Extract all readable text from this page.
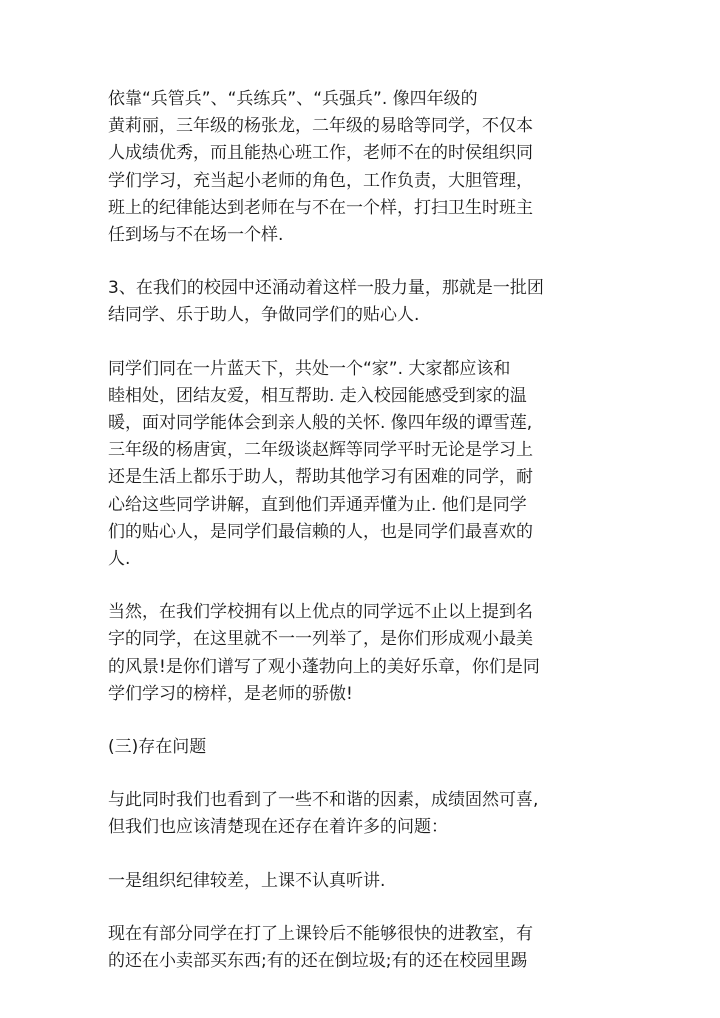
依靠“兵管兵”、“兵练兵”、“兵强兵”. 像四年级的
黄莉丽，三年级的杨张龙，二年级的易晗等同学，不仅本
人成绩优秀，而且能热心班工作，老师不在的时侯组织同
学们学习，充当起小老师的角色，工作负责，大胆管理，
班上的纪律能达到老师在与不在一个样，打扫卫生时班主
任到场与不在场一个样.

3、在我们的校园中还涌动着这样一股力量，那就是一批团
结同学、乐于助人，争做同学们的贴心人.

同学们同在一片蓝天下，共处一个“家”. 大家都应该和
睦相处，团结友爱，相互帮助. 走入校园能感受到家的温
暖，面对同学能体会到亲人般的关怀. 像四年级的谭雪莲,
三年级的杨唐寅，二年级谈赵辉等同学平时无论是学习上
还是生活上都乐于助人，帮助其他学习有困难的同学，耐
心给这些同学讲解，直到他们弄通弄懂为止. 他们是同学
们的贴心人，是同学们最信赖的人，也是同学们最喜欢的
人.

当然，在我们学校拥有以上优点的同学远不止以上提到名
字的同学，在这里就不一一列举了，是你们形成观小最美
的风景!是你们谱写了观小蓬勃向上的美好乐章，你们是同
学们学习的榜样，是老师的骄傲!

(三)存在问题

与此同时我们也看到了一些不和谐的因素，成绩固然可喜,
但我们也应该清楚现在还存在着许多的问题：

一是组织纪律较差，上课不认真听讲.

现在有部分同学在打了上课铃后不能够很快的进教室，有
的还在小卖部买东西;有的还在倒垃圾;有的还在校园里踢
